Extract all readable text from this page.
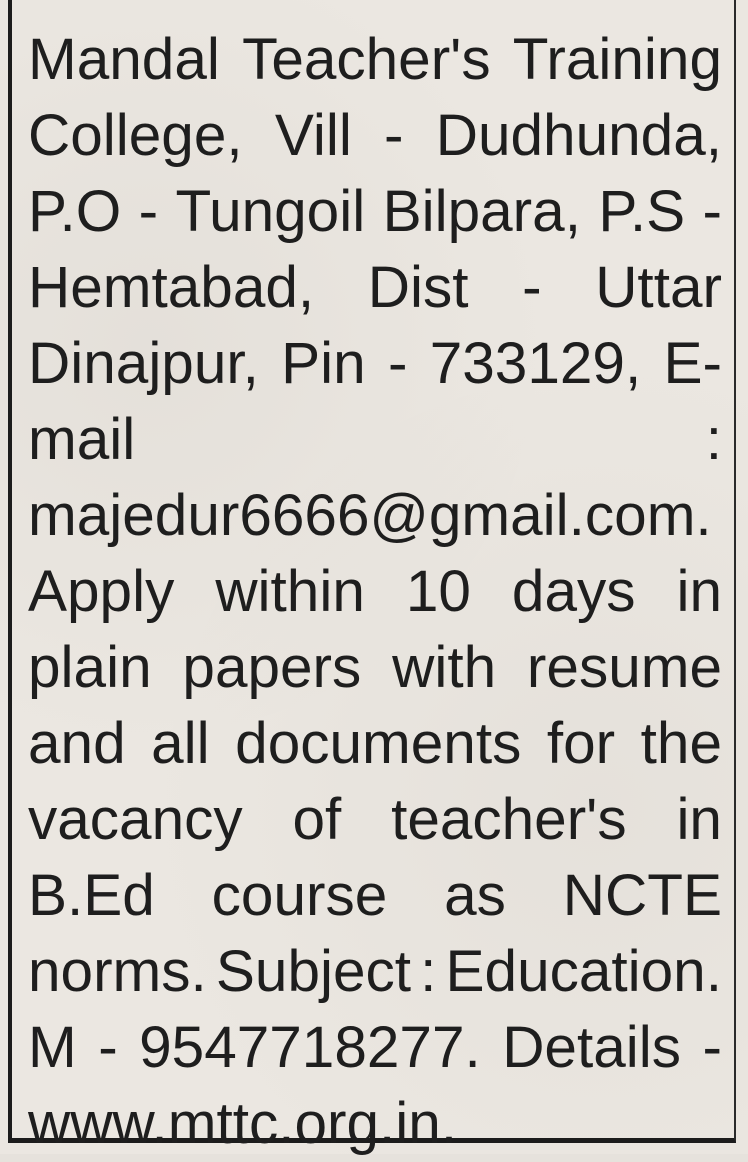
Mandal Teacher's Training
College, Vill - Dudhunda,
P.O - Tungoil Bilpara, P.S -
Hemtabad, Dist - Uttar
Dinajpur, Pin - 733129, E-
mail	:
majedur6666@gmail.com.
Apply within 10 days in
plain papers with resume
and all documents for the
vacancy of teacher's in
B.Ed course as NCTE
norms. Subject : Education.
M - 9547718277. Details -
www.mttc.org.in.
